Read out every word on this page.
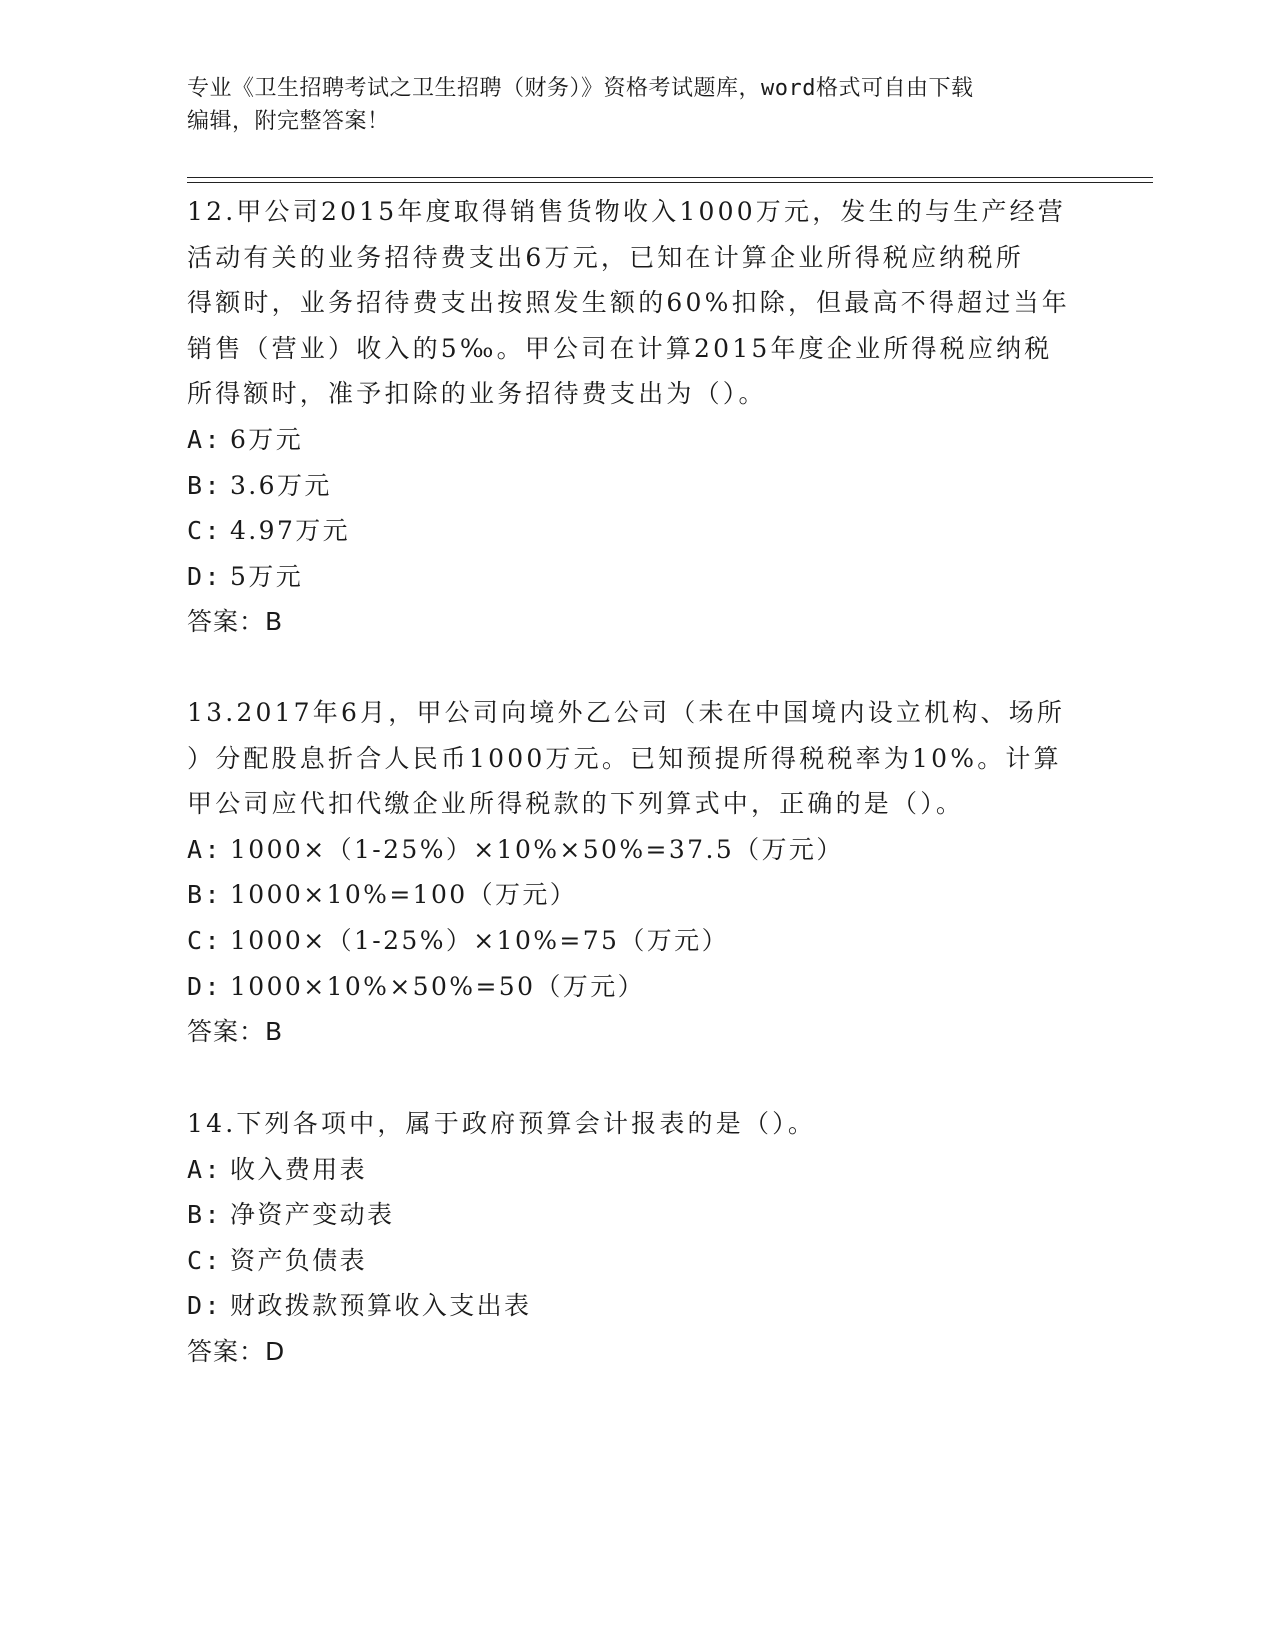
专业《卫生招聘考试之卫生招聘（财务）》资格考试题库，word格式可自由下载
编辑，附完整答案！

12.甲公司2015年度取得销售货物收入1000万元，发生的与生产经营

活动有关的业务招待费支出6万元，已知在计算企业所得税应纳税所

得额时，业务招待费支出按照发生额的60%扣除，但最高不得超过当年

销售（营业）收入的5‰。甲公司在计算2015年度企业所得税应纳税

所得额时，准予扣除的业务招待费支出为（）。

A: 6万元

B: 3.6万元

C: 4.97万元

D: 5万元

答案：B

13.2017年6月，甲公司向境外乙公司（未在中国境内设立机构、场所

）分配股息折合人民币1000万元。已知预提所得税税率为10%。计算

甲公司应代扣代缴企业所得税款的下列算式中，正确的是（）。

A: 1000×（1-25%）×10%×50%=37.5（万元）

B: 1000×10%=100（万元）

C: 1000×（1-25%）×10%=75（万元）

D: 1000×10%×50%=50（万元）

答案：B

14.下列各项中，属于政府预算会计报表的是（）。

A: 收入费用表

B: 净资产变动表

C: 资产负债表

D: 财政拨款预算收入支出表

答案：D
